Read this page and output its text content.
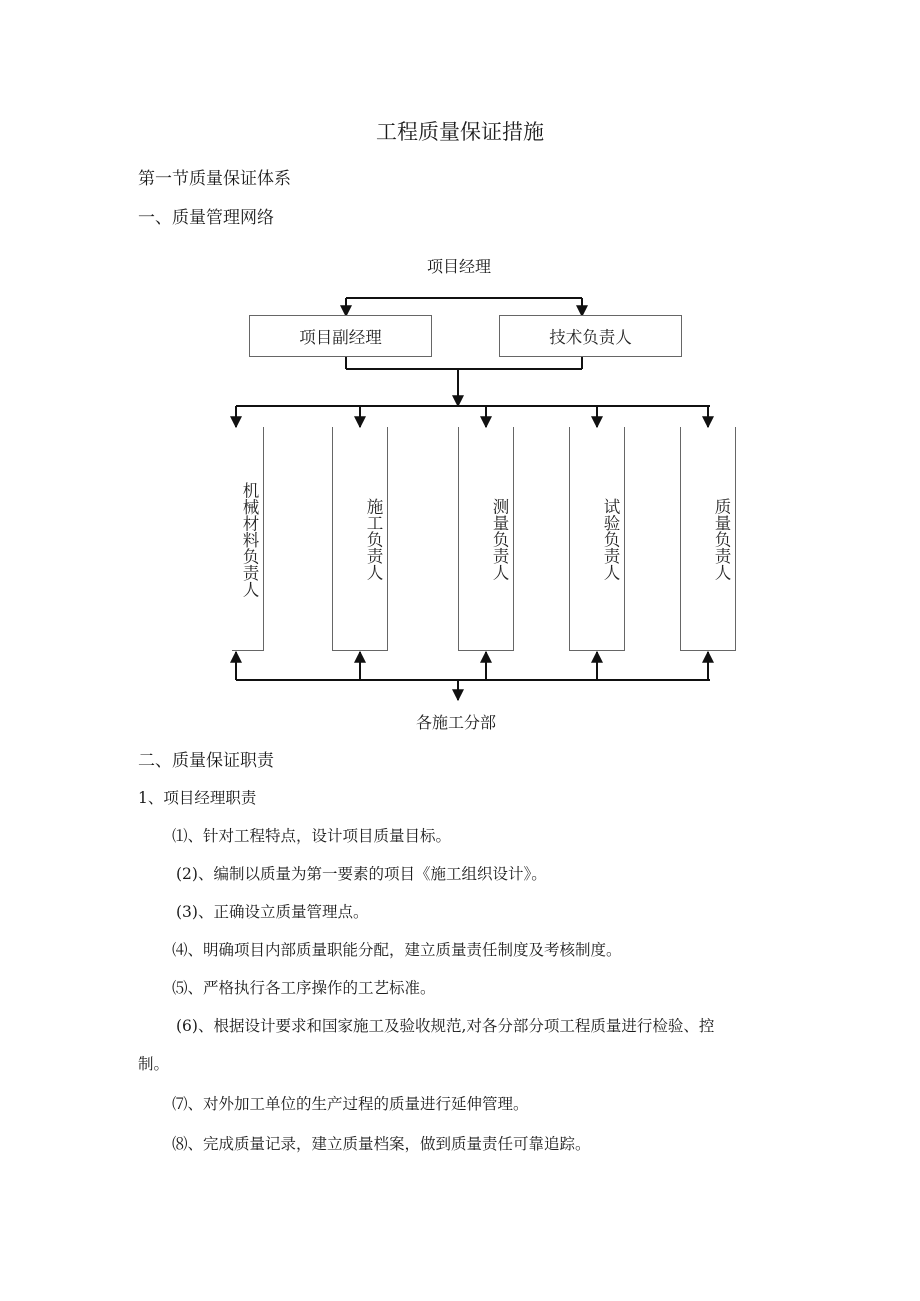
工程质量保证措施
第一节质量保证体系
一、质量管理网络
项目经理
项目副经理	技术负责人
机械材料负责人	施工负责人	测量负责人	试验负责人	质量负责人
各施工分部
二、质量保证职责
1、项目经理职责
⑴、针对工程特点，设计项目质量目标。
(2)、编制以质量为第一要素的项目《施工组织设计》。
(3)、正确设立质量管理点。
⑷、明确项目内部质量职能分配，建立质量责任制度及考核制度。
⑸、严格执行各工序操作的工艺标准。
(6)、根据设计要求和国家施工及验收规范,对各分部分项工程质量进行检验、控
制。
⑺、对外加工单位的生产过程的质量进行延伸管理。
⑻、完成质量记录，建立质量档案，做到质量责任可靠追踪。
